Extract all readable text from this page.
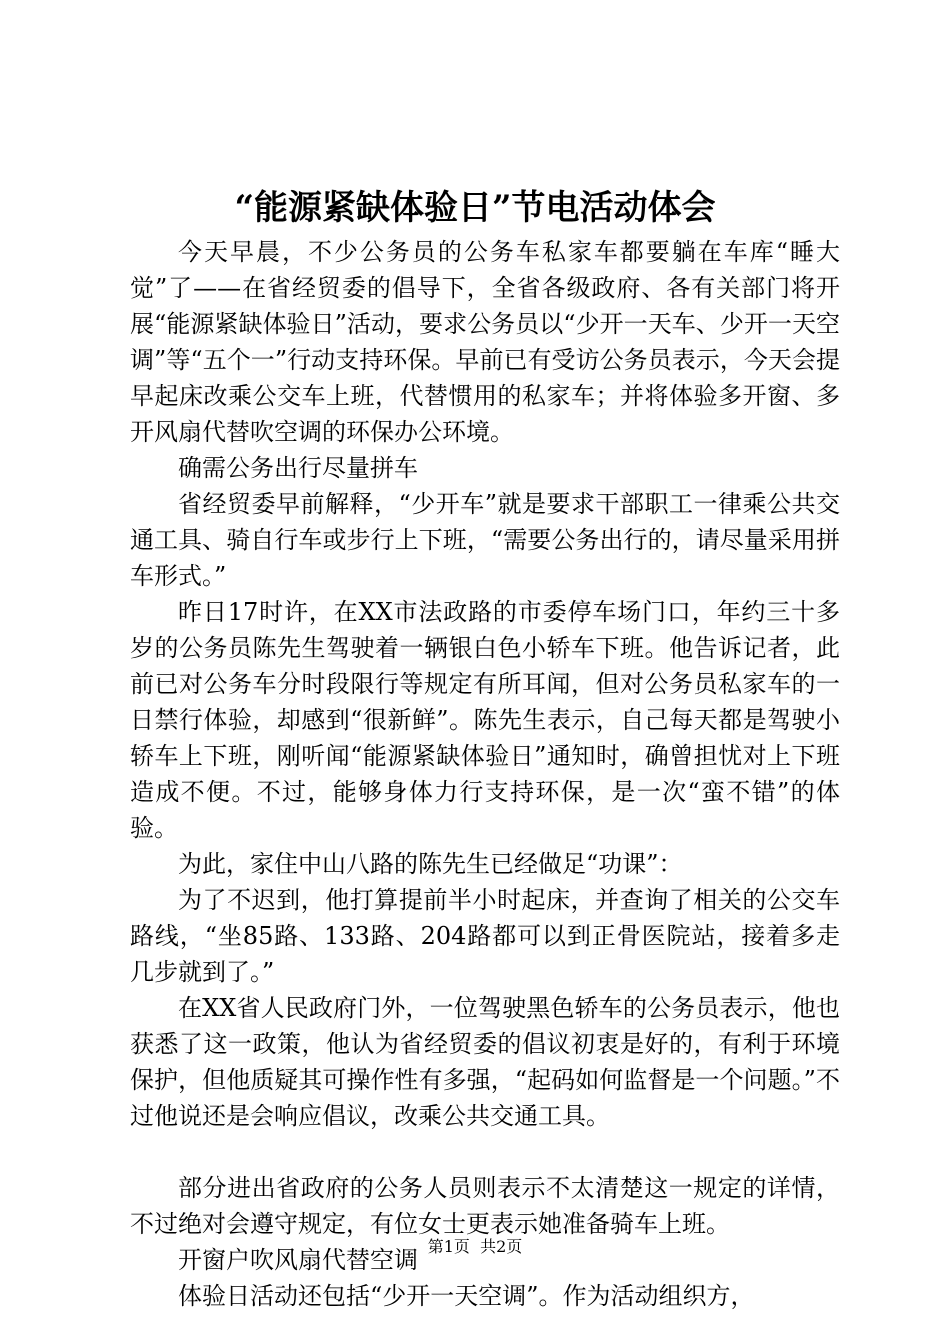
“能源紧缺体验日”节电活动体会

今天早晨，不少公务员的公务车私家车都要躺在车库“睡大觉”了——在省经贸委的倡导下，全省各级政府、各有关部门将开展“能源紧缺体验日”活动，要求公务员以“少开一天车、少开一天空调”等“五个一”行动支持环保。早前已有受访公务员表示，今天会提早起床改乘公交车上班，代替惯用的私家车；并将体验多开窗、多开风扇代替吹空调的环保办公环境。

确需公务出行尽量拼车

省经贸委早前解释，“少开车”就是要求干部职工一律乘公共交通工具、骑自行车或步行上下班，“需要公务出行的，请尽量采用拼车形式。”

昨日17时许，在XX市法政路的市委停车场门口，年约三十多岁的公务员陈先生驾驶着一辆银白色小轿车下班。他告诉记者，此前已对公务车分时段限行等规定有所耳闻，但对公务员私家车的一日禁行体验，却感到“很新鲜”。陈先生表示，自己每天都是驾驶小轿车上下班，刚听闻“能源紧缺体验日”通知时，确曾担忧对上下班造成不便。不过，能够身体力行支持环保，是一次“蛮不错”的体验。

为此，家住中山八路的陈先生已经做足“功课”：

为了不迟到，他打算提前半小时起床，并查询了相关的公交车路线，“坐85路、133路、204路都可以到正骨医院站，接着多走几步就到了。”

在XX省人民政府门外，一位驾驶黑色轿车的公务员表示，他也获悉了这一政策，他认为省经贸委的倡议初衷是好的，有利于环境保护，但他质疑其可操作性有多强，“起码如何监督是一个问题。”不过他说还是会响应倡议，改乘公共交通工具。

部分进出省政府的公务人员则表示不太清楚这一规定的详情，不过绝对会遵守规定，有位女士更表示她准备骑车上班。

开窗户吹风扇代替空调

体验日活动还包括“少开一天空调”。作为活动组织方，

第1页  共2页
